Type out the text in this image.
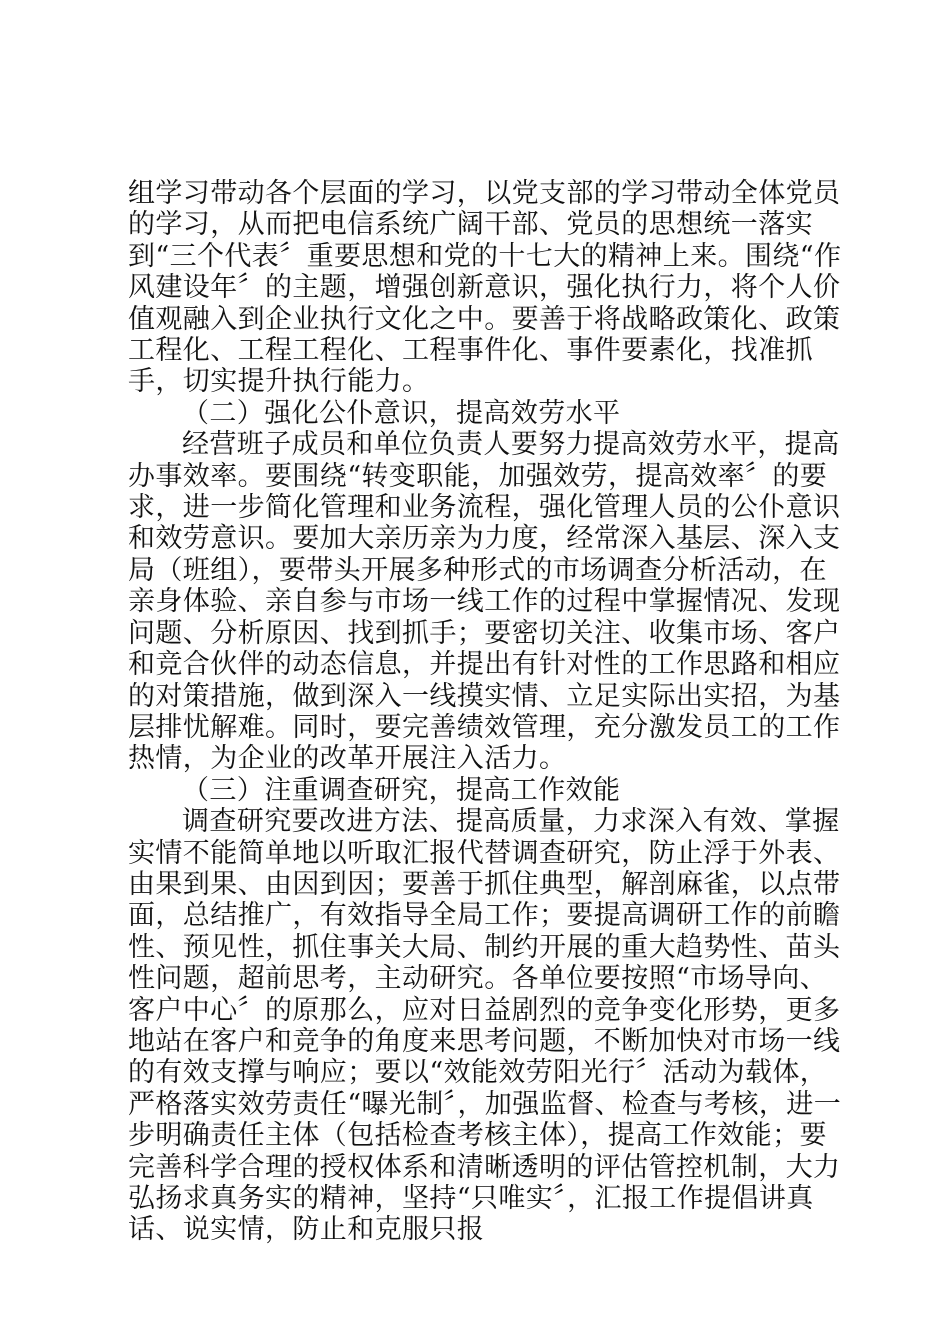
组学习带动各个层面的学习，以党支部的学习带动全体党员的学习，从而把电信系统广阔干部、党员的思想统一落实到“三个代表〞重要思想和党的十七大的精神上来。围绕“作风建设年〞的主题，增强创新意识，强化执行力，将个人价值观融入到企业执行文化之中。要善于将战略政策化、政策工程化、工程工程化、工程事件化、事件要素化，找准抓手，切实提升执行能力。

（二）强化公仆意识，提高效劳水平

经营班子成员和单位负责人要努力提高效劳水平，提高办事效率。要围绕“转变职能，加强效劳，提高效率〞的要求，进一步简化管理和业务流程，强化管理人员的公仆意识和效劳意识。要加大亲历亲为力度，经常深入基层、深入支局（班组），要带头开展多种形式的市场调查分析活动，在亲身体验、亲自参与市场一线工作的过程中掌握情况、发现问题、分析原因、找到抓手；要密切关注、收集市场、客户和竞合伙伴的动态信息，并提出有针对性的工作思路和相应的对策措施，做到深入一线摸实情、立足实际出实招，为基层排忧解难。同时，要完善绩效管理，充分激发员工的工作热情，为企业的改革开展注入活力。

（三）注重调查研究，提高工作效能

调查研究要改进方法、提高质量，力求深入有效、掌握实情不能简单地以听取汇报代替调查研究，防止浮于外表、由果到果、由因到因；要善于抓住典型，解剖麻雀，以点带面，总结推广，有效指导全局工作；要提高调研工作的前瞻性、预见性，抓住事关大局、制约开展的重大趋势性、苗头性问题，超前思考，主动研究。各单位要按照“市场导向、客户中心〞的原那么，应对日益剧烈的竞争变化形势，更多地站在客户和竞争的角度来思考问题，不断加快对市场一线的有效支撑与响应；要以“效能效劳阳光行〞活动为载体，严格落实效劳责任“曝光制〞，加强监督、检查与考核，进一步明确责任主体（包括检查考核主体），提高工作效能；要完善科学合理的授权体系和清晰透明的评估管控机制，大力弘扬求真务实的精神，坚持“只唯实〞，汇报工作提倡讲真话、说实情，防止和克服只报
